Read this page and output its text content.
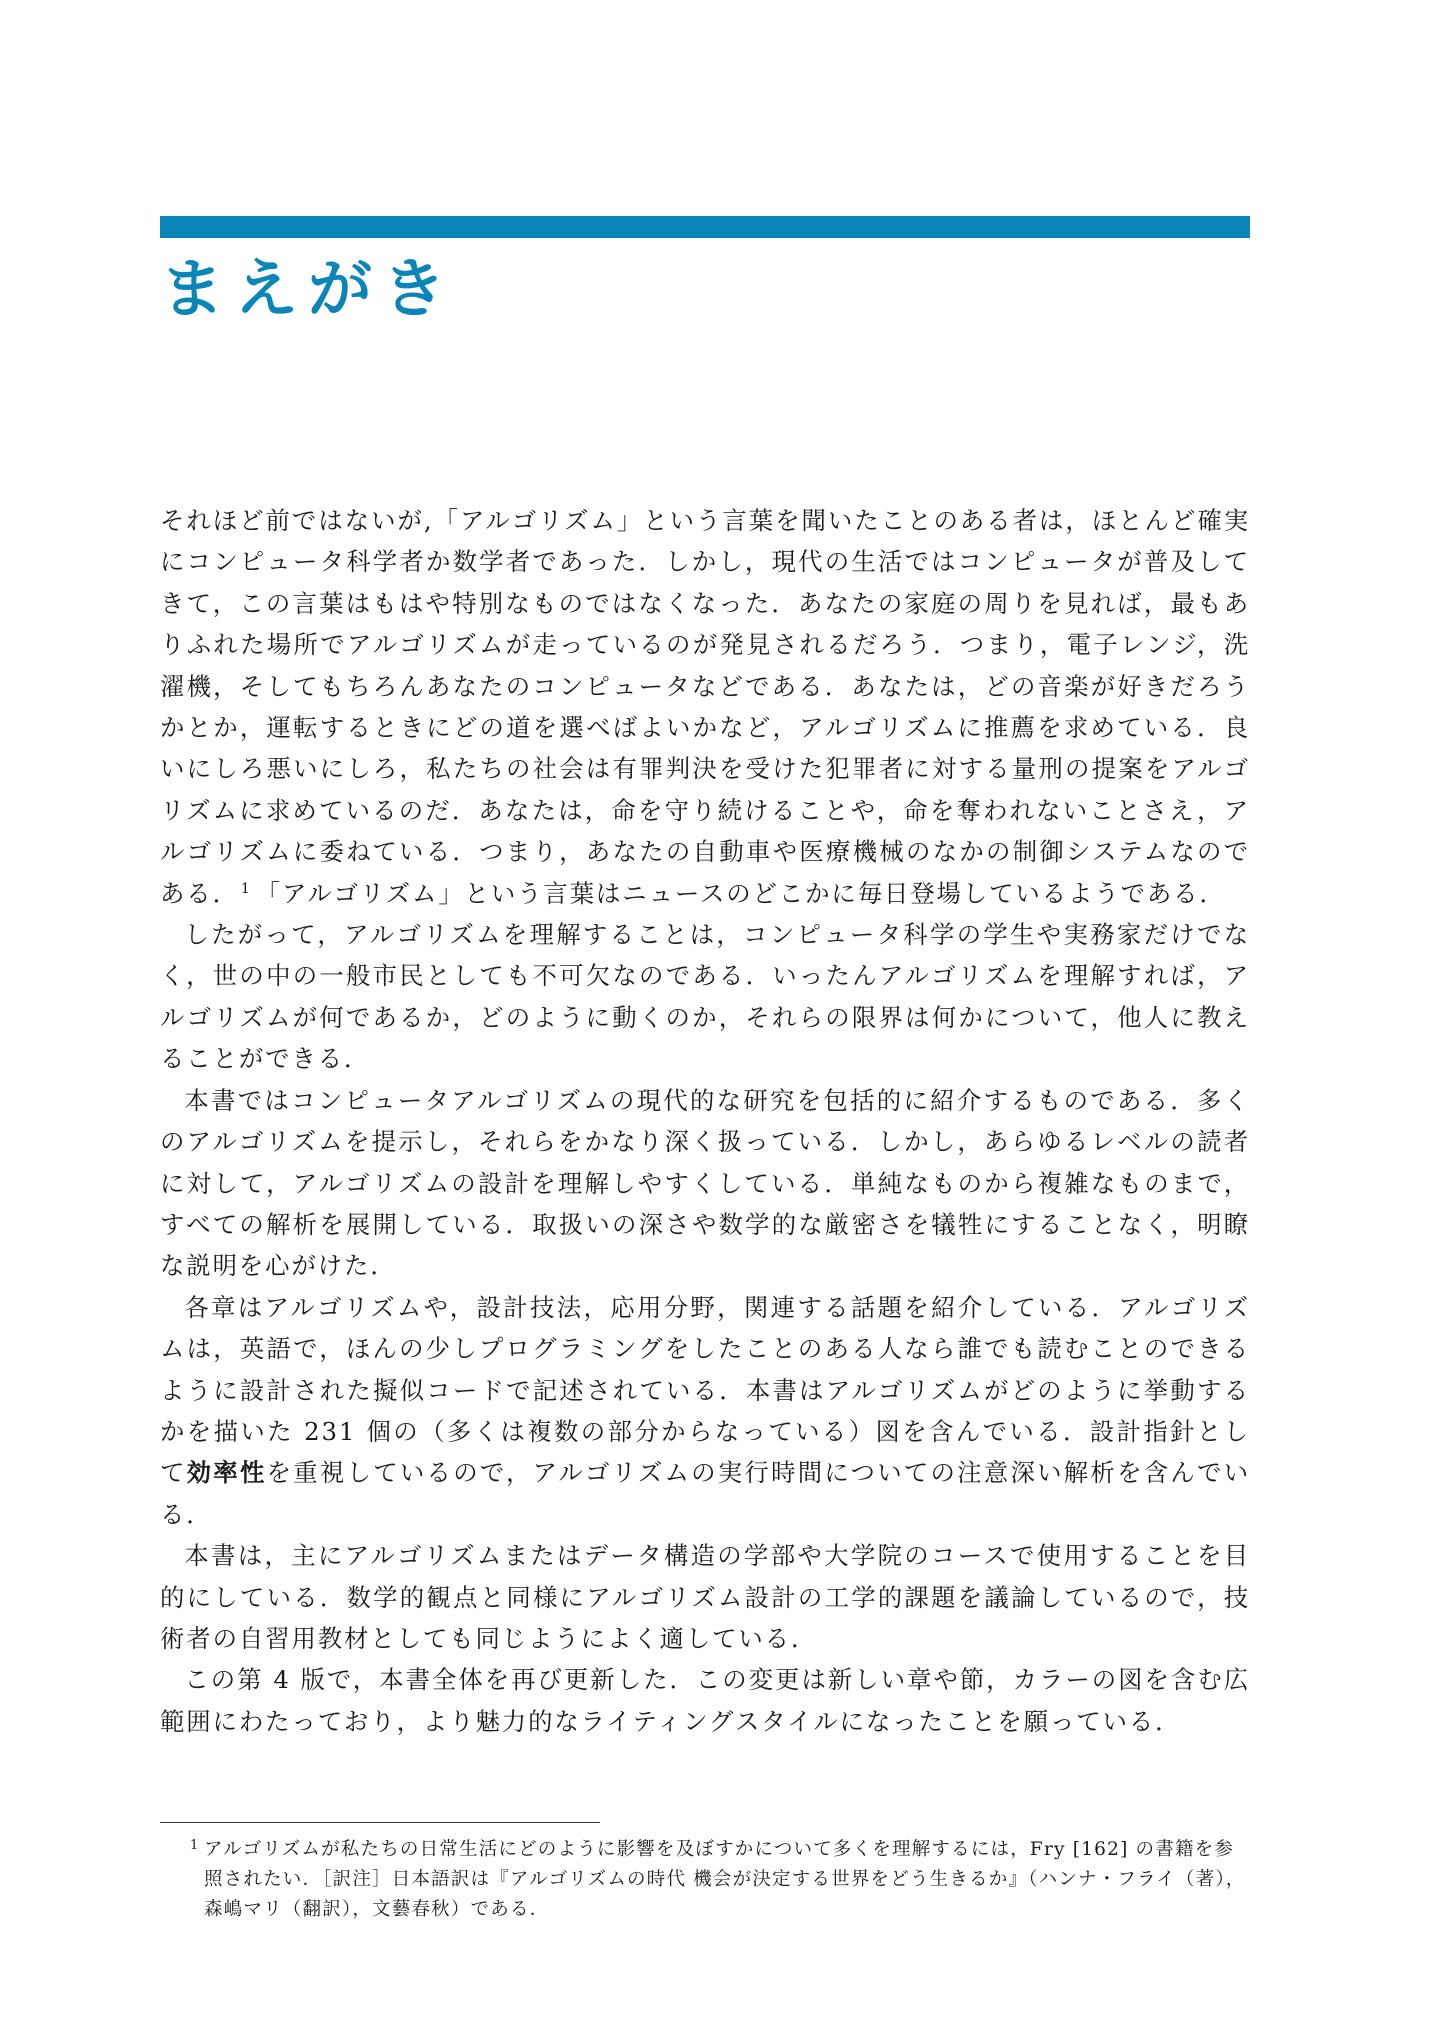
まえがき

それほど前ではないが,「アルゴリズム」という言葉を聞いたことのある者は，ほとんど確実にコンピュータ科学者か数学者であった．しかし，現代の生活ではコンピュータが普及してきて，この言葉はもはや特別なものではなくなった．あなたの家庭の周りを見れば，最もありふれた場所でアルゴリズムが走っているのが発見されるだろう．つまり，電子レンジ，洗濯機，そしてもちろんあなたのコンピュータなどである．あなたは，どの音楽が好きだろうかとか，運転するときにどの道を選べばよいかなど，アルゴリズムに推薦を求めている．良いにしろ悪いにしろ，私たちの社会は有罪判決を受けた犯罪者に対する量刑の提案をアルゴリズムに求めているのだ．あなたは，命を守り続けることや，命を奪われないことさえ，アルゴリズムに委ねている．つまり，あなたの自動車や医療機械のなかの制御システムなのである． $^1$ 「アルゴリズム」という言葉はニュースのどこかに毎日登場しているようである．

したがって，アルゴリズムを理解することは，コンピュータ科学の学生や実務家だけでなく，世の中の一般市民としても不可欠なのである．いったんアルゴリズムを理解すれば，アルゴリズムが何であるか，どのように動くのか，それらの限界は何かについて，他人に教えることができる．

本書ではコンピュータアルゴリズムの現代的な研究を包括的に紹介するものである．多くのアルゴリズムを提示し，それらをかなり深く扱っている．しかし，あらゆるレベルの読者に対して，アルゴリズムの設計を理解しやすくしている．単純なものから複雑なものまで，すべての解析を展開している．取扱いの深さや数学的な厳密さを犠牲にすることなく，明瞭な説明を心がけた．

各章はアルゴリズムや，設計技法，応用分野，関連する話題を紹介している．アルゴリズムは，英語で，ほんの少しプログラミングをしたことのある人なら誰でも読むことのできるように設計された擬似コードで記述されている．本書はアルゴリズムがどのように挙動するかを描いた 231 個の（多くは複数の部分からなっている）図を含んでいる．設計指針として効率性を重視しているので，アルゴリズムの実行時間についての注意深い解析を含んでいる．

本書は，主にアルゴリズムまたはデータ構造の学部や大学院のコースで使用することを目的にしている．数学的観点と同様にアルゴリズム設計の工学的課題を議論しているので，技術者の自習用教材としても同じようによく適している．

この第 4 版で，本書全体を再び更新した．この変更は新しい章や節，カラーの図を含む広範囲にわたっており，より魅力的なライティングスタイルになったことを願っている．

1 アルゴリズムが私たちの日常生活にどのように影響を及ぼすかについて多くを理解するには，Fry [162] の書籍を参照されたい．［訳注］日本語訳は『アルゴリズムの時代 機会が決定する世界をどう生きるか』（ハンナ・フライ（著），森嶋マリ（翻訳），文藝春秋）である．
